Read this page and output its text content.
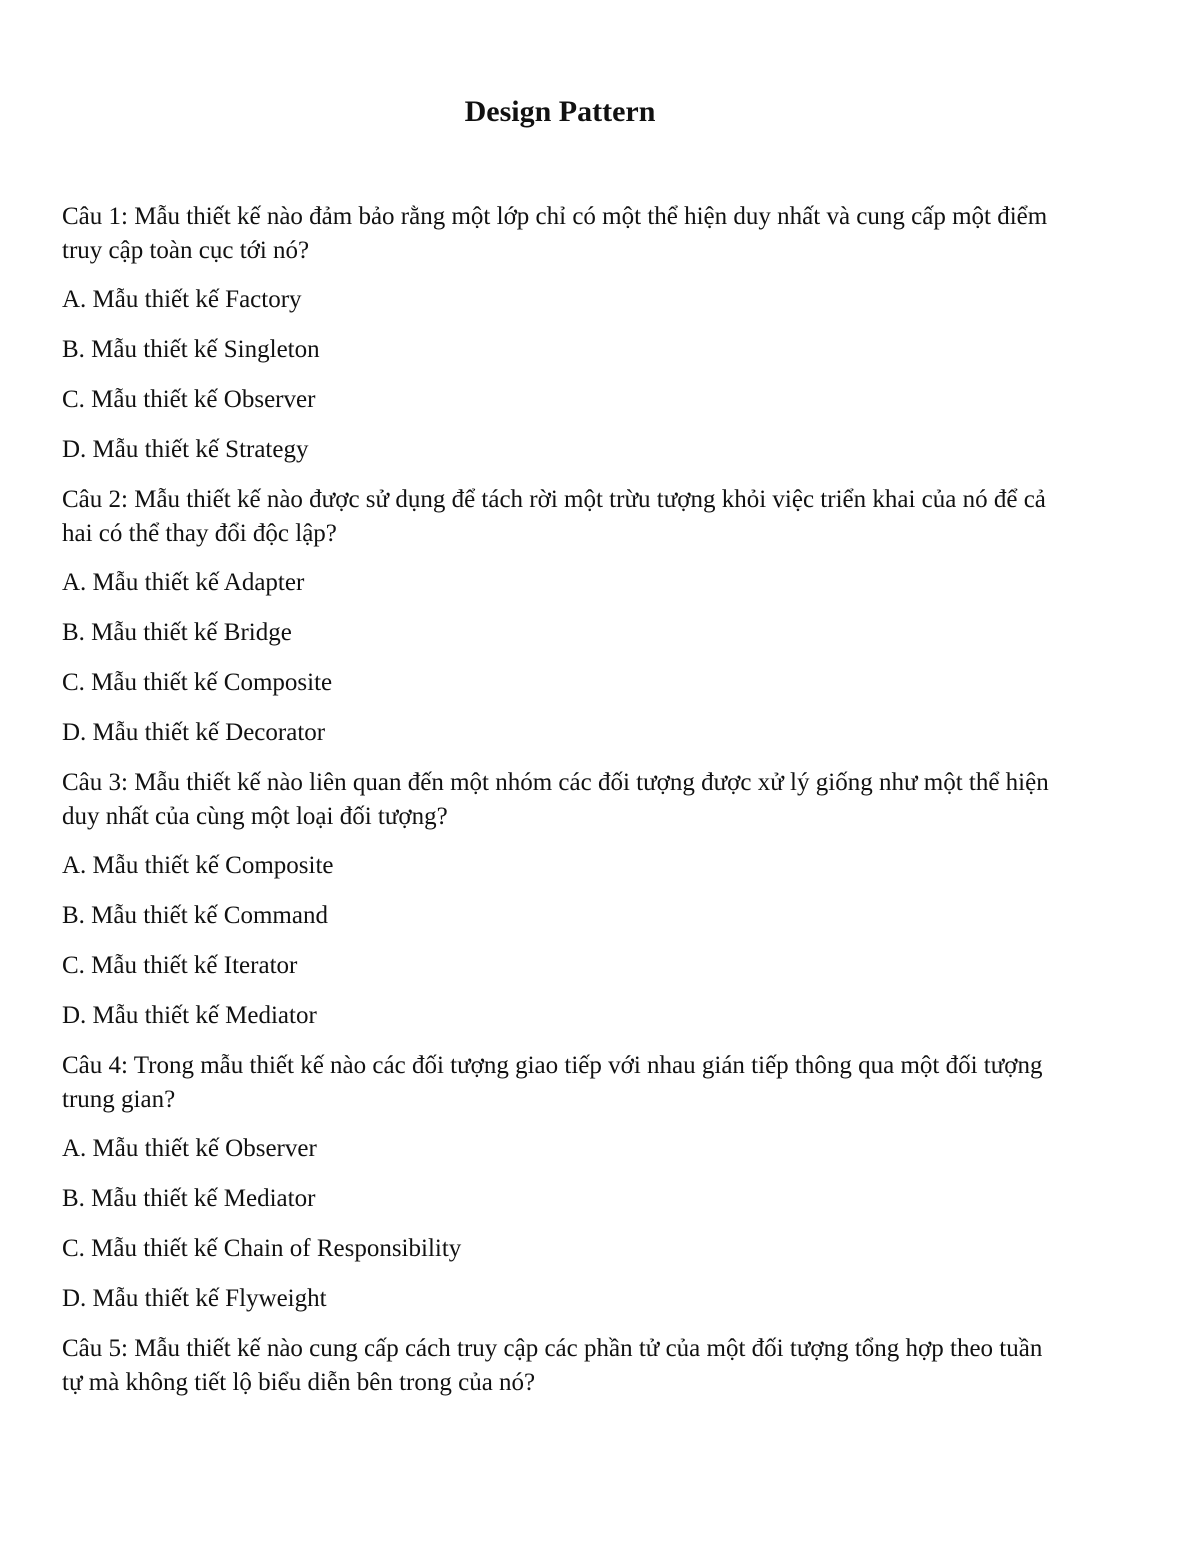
Design Pattern

Câu 1: Mẫu thiết kế nào đảm bảo rằng một lớp chỉ có một thể hiện duy nhất và cung cấp một điểm truy cập toàn cục tới nó?

A. Mẫu thiết kế Factory

B. Mẫu thiết kế Singleton

C. Mẫu thiết kế Observer

D. Mẫu thiết kế Strategy

Câu 2: Mẫu thiết kế nào được sử dụng để tách rời một trừu tượng khỏi việc triển khai của nó để cả hai có thể thay đổi độc lập?

A. Mẫu thiết kế Adapter

B. Mẫu thiết kế Bridge

C. Mẫu thiết kế Composite

D. Mẫu thiết kế Decorator

Câu 3: Mẫu thiết kế nào liên quan đến một nhóm các đối tượng được xử lý giống như một thể hiện duy nhất của cùng một loại đối tượng?

A. Mẫu thiết kế Composite

B. Mẫu thiết kế Command

C. Mẫu thiết kế Iterator

D. Mẫu thiết kế Mediator

Câu 4: Trong mẫu thiết kế nào các đối tượng giao tiếp với nhau gián tiếp thông qua một đối tượng trung gian?

A. Mẫu thiết kế Observer

B. Mẫu thiết kế Mediator

C. Mẫu thiết kế Chain of Responsibility

D. Mẫu thiết kế Flyweight

Câu 5: Mẫu thiết kế nào cung cấp cách truy cập các phần tử của một đối tượng tổng hợp theo tuần tự mà không tiết lộ biểu diễn bên trong của nó?
